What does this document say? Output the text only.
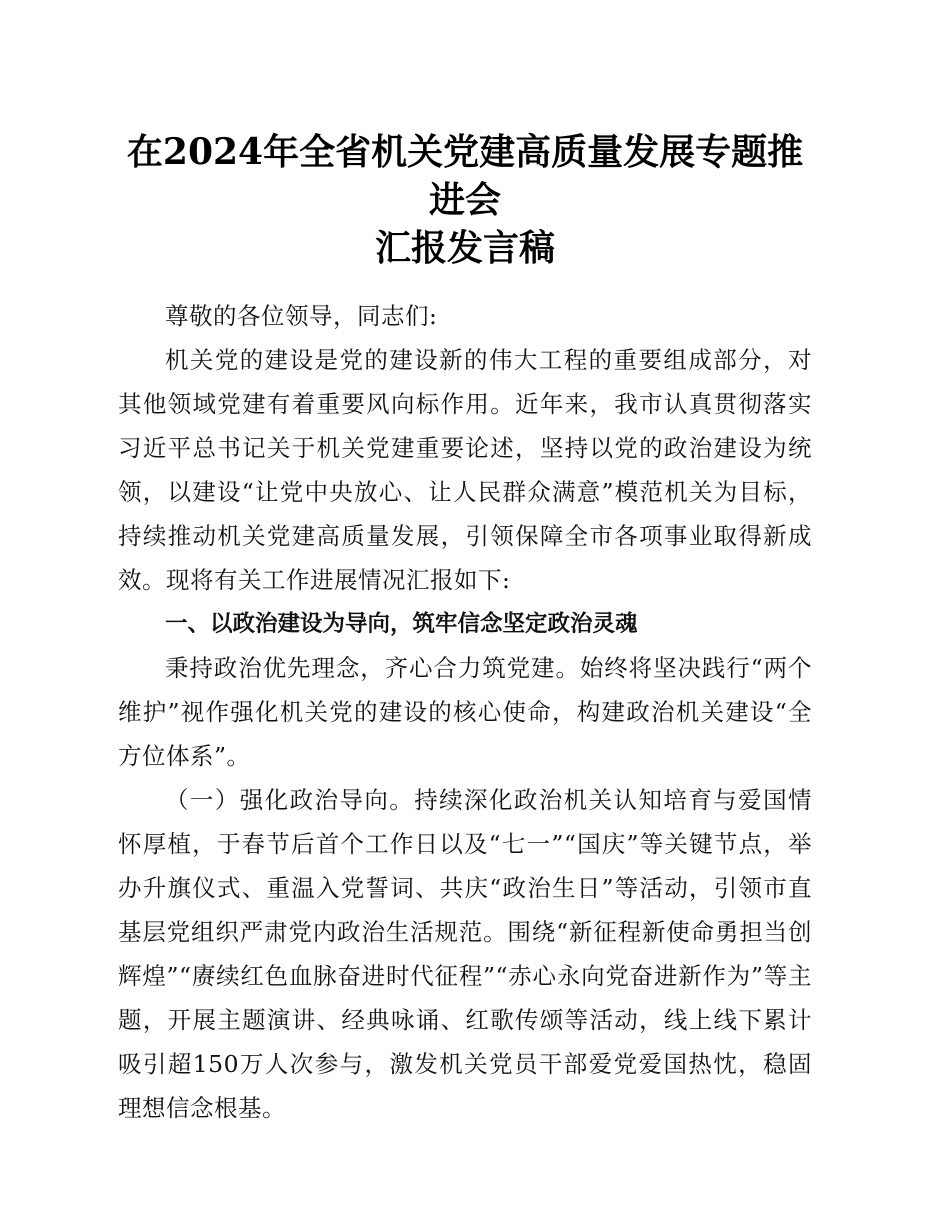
在2024年全省机关党建高质量发展专题推进会
汇报发言稿

尊敬的各位领导，同志们:

机关党的建设是党的建设新的伟大工程的重要组成部分，对其他领域党建有着重要风向标作用。近年来，我市认真贯彻落实习近平总书记关于机关党建重要论述，坚持以党的政治建设为统领，以建设“让党中央放心、让人民群众满意”模范机关为目标，持续推动机关党建高质量发展，引领保障全市各项事业取得新成效。现将有关工作进展情况汇报如下:

一、以政治建设为导向，筑牢信念坚定政治灵魂

秉持政治优先理念，齐心合力筑党建。始终将坚决践行“两个维护”视作强化机关党的建设的核心使命，构建政治机关建设“全方位体系”。

（一）强化政治导向。持续深化政治机关认知培育与爱国情怀厚植，于春节后首个工作日以及“七一”“国庆”等关键节点，举办升旗仪式、重温入党誓词、共庆“政治生日”等活动，引领市直基层党组织严肃党内政治生活规范。围绕“新征程新使命勇担当创辉煌”“赓续红色血脉奋进时代征程”“赤心永向党奋进新作为”等主题，开展主题演讲、经典咏诵、红歌传颂等活动，线上线下累计吸引超150万人次参与，激发机关党员干部爱党爱国热忱，稳固理想信念根基。
